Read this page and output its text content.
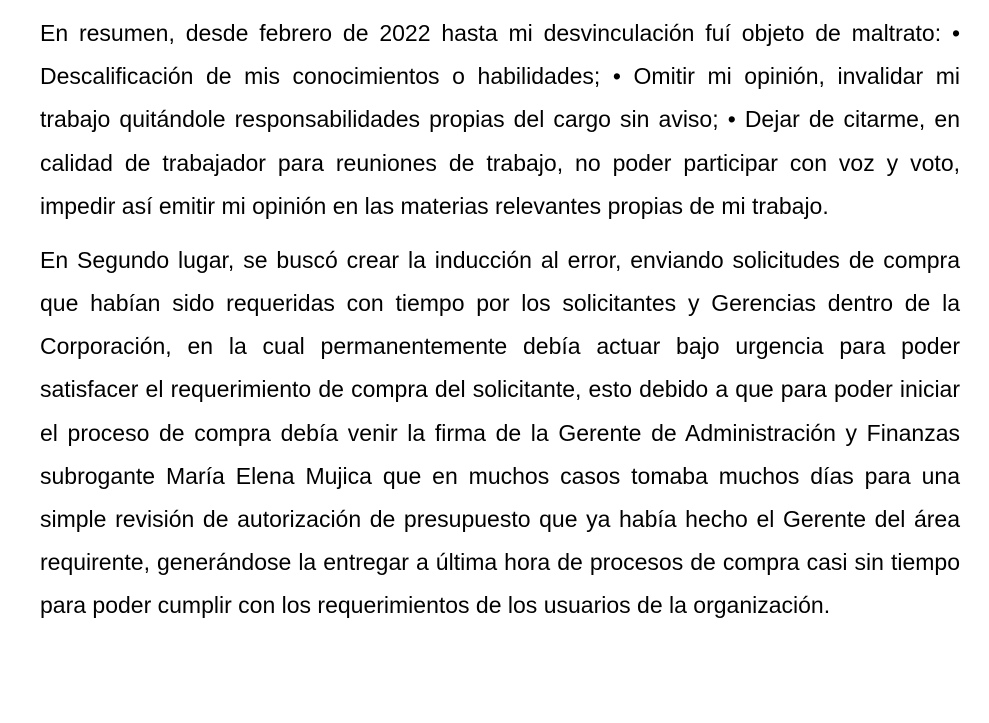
En resumen, desde febrero de 2022 hasta mi desvinculación fuí objeto de maltrato: • Descalificación de mis conocimientos o habilidades; • Omitir mi opinión, invalidar mi trabajo quitándole responsabilidades propias del cargo sin aviso; • Dejar de citarme, en calidad de trabajador para reuniones de trabajo, no poder participar con voz y voto, impedir así emitir mi opinión en las materias relevantes propias de mi trabajo.

En Segundo lugar, se buscó crear la inducción al error, enviando solicitudes de compra que habían sido requeridas con tiempo por los solicitantes y Gerencias dentro de la Corporación, en la cual permanentemente debía actuar bajo urgencia para poder satisfacer el requerimiento de compra del solicitante, esto debido a que para poder iniciar el proceso de compra debía venir la firma de la Gerente de Administración y Finanzas subrogante María Elena Mujica que en muchos casos tomaba muchos días para una simple revisión de autorización de presupuesto que ya había hecho el Gerente del área requirente, generándose la entregar a última hora de procesos de compra casi sin tiempo para poder cumplir con los requerimientos de los usuarios de la organización.
